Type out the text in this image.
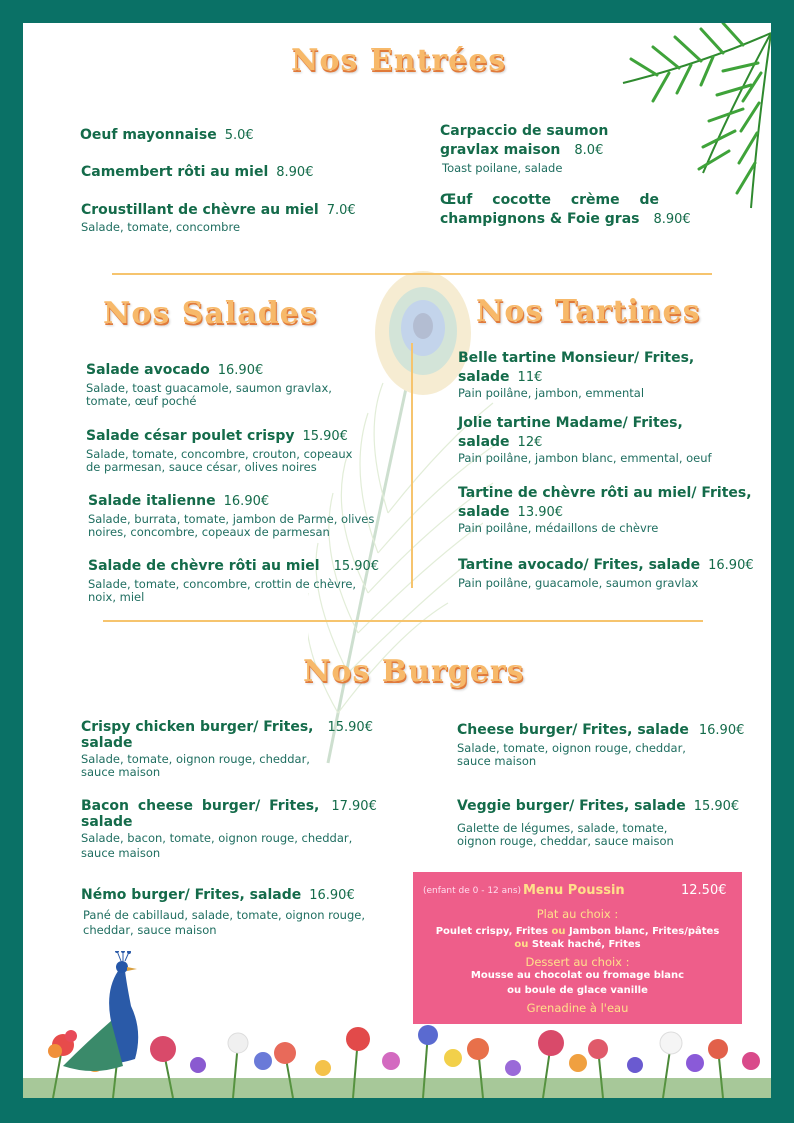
Nos Entrées
Oeuf mayonnaise 5.0€
Camembert rôti au miel 8.90€
Croustillant de chèvre au miel 7.0€
Salade, tomate, concombre
Carpaccio de saumon
gravlax maison 8.0€
Toast poilane, salade
Œuf cocotte crème de
champignons & Foie gras 8.90€
Nos Salades
Salade avocado 16.90€
Salade, toast guacamole, saumon gravlax,
tomate, œuf poché
Salade césar poulet crispy 15.90€
Salade, tomate, concombre, crouton, copeaux
de parmesan, sauce césar, olives noires
Salade italienne 16.90€
Salade, burrata, tomate, jambon de Parme, olives
noires, concombre, copeaux de parmesan
Salade de chèvre rôti au miel 15.90€
Salade, tomate, concombre, crottin de chèvre,
noix, miel
Nos Tartines
Belle tartine Monsieur/ Frites,
salade 11€
Pain poilâne, jambon, emmental
Jolie tartine Madame/ Frites,
salade 12€
Pain poilâne, jambon blanc, emmental, oeuf
Tartine de chèvre rôti au miel/ Frites,
salade 13.90€
Pain poilâne, médaillons de chèvre
Tartine avocado/ Frites, salade 16.90€
Pain poilâne, guacamole, saumon gravlax
Nos Burgers
Crispy chicken burger/ Frites, 15.90€
salade
Salade, tomate, oignon rouge, cheddar,
sauce maison
Bacon cheese burger/ Frites, 17.90€
salade
Salade, bacon, tomate, oignon rouge, cheddar,
sauce maison
Némo burger/ Frites, salade 16.90€
Pané de cabillaud, salade, tomate, oignon rouge,
cheddar, sauce maison
Cheese burger/ Frites, salade 16.90€
Salade, tomate, oignon rouge, cheddar,
sauce maison
Veggie burger/ Frites, salade 15.90€
Galette de légumes, salade, tomate,
oignon rouge, cheddar, sauce maison
(enfant de 0 - 12 ans) Menu Poussin	12.50€
Plat au choix :
Poulet crispy, Frites ou Jambon blanc, Frites/pâtes
ou Steak haché, Frites
Dessert au choix :
Mousse au chocolat ou fromage blanc
ou boule de glace vanille
Grenadine à l'eau
